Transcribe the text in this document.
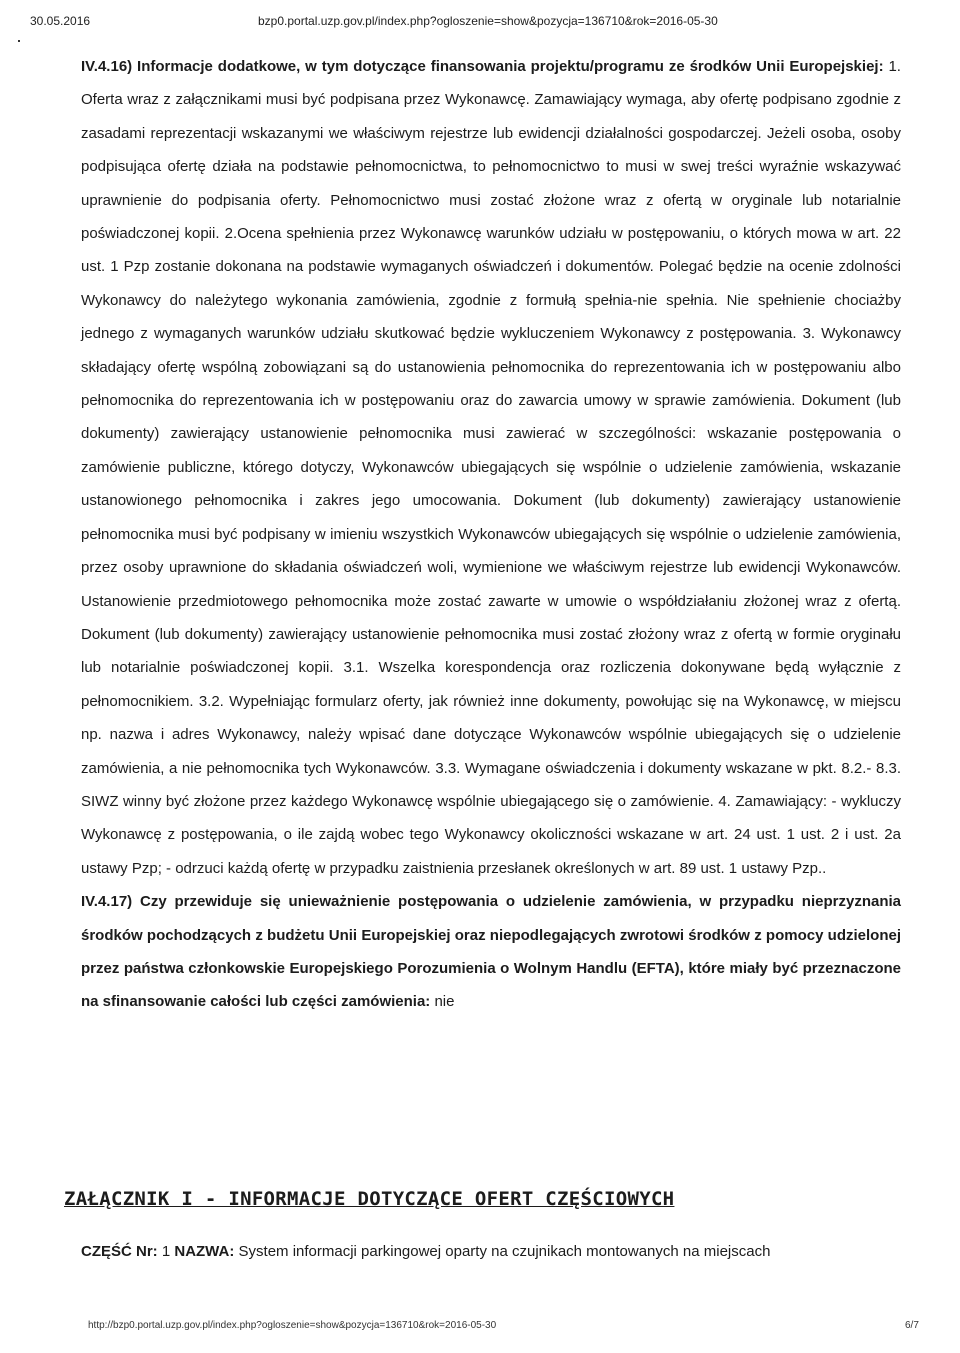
30.05.2016	bzp0.portal.uzp.gov.pl/index.php?ogloszenie=show&pozycja=136710&rok=2016-05-30

IV.4.16) Informacje dodatkowe, w tym dotyczące finansowania projektu/programu ze środków Unii Europejskiej: 1. Oferta wraz z załącznikami musi być podpisana przez Wykonawcę. Zamawiający wymaga, aby ofertę podpisano zgodnie z zasadami reprezentacji wskazanymi we właściwym rejestrze lub ewidencji działalności gospodarczej. Jeżeli osoba, osoby podpisująca ofertę działa na podstawie pełnomocnictwa, to pełnomocnictwo to musi w swej treści wyraźnie wskazywać uprawnienie do podpisania oferty. Pełnomocnictwo musi zostać złożone wraz z ofertą w oryginale lub notarialnie poświadczonej kopii. 2.Ocena spełnienia przez Wykonawcę warunków udziału w postępowaniu, o których mowa w art. 22 ust. 1 Pzp zostanie dokonana na podstawie wymaganych oświadczeń i dokumentów. Polegać będzie na ocenie zdolności Wykonawcy do należytego wykonania zamówienia, zgodnie z formułą spełnia-nie spełnia. Nie spełnienie chociażby jednego z wymaganych warunków udziału skutkować będzie wykluczeniem Wykonawcy z postępowania. 3. Wykonawcy składający ofertę wspólną zobowiązani są do ustanowienia pełnomocnika do reprezentowania ich w postępowaniu albo pełnomocnika do reprezentowania ich w postępowaniu oraz do zawarcia umowy w sprawie zamówienia. Dokument (lub dokumenty) zawierający ustanowienie pełnomocnika musi zawierać w szczególności: wskazanie postępowania o zamówienie publiczne, którego dotyczy, Wykonawców ubiegających się wspólnie o udzielenie zamówienia, wskazanie ustanowionego pełnomocnika i zakres jego umocowania. Dokument (lub dokumenty) zawierający ustanowienie pełnomocnika musi być podpisany w imieniu wszystkich Wykonawców ubiegających się wspólnie o udzielenie zamówienia, przez osoby uprawnione do składania oświadczeń woli, wymienione we właściwym rejestrze lub ewidencji Wykonawców. Ustanowienie przedmiotowego pełnomocnika może zostać zawarte w umowie o współdziałaniu złożonej wraz z ofertą. Dokument (lub dokumenty) zawierający ustanowienie pełnomocnika musi zostać złożony wraz z ofertą w formie oryginału lub notarialnie poświadczonej kopii. 3.1. Wszelka korespondencja oraz rozliczenia dokonywane będą wyłącznie z pełnomocnikiem. 3.2. Wypełniając formularz oferty, jak również inne dokumenty, powołując się na Wykonawcę, w miejscu np. nazwa i adres Wykonawcy, należy wpisać dane dotyczące Wykonawców wspólnie ubiegających się o udzielenie zamówienia, a nie pełnomocnika tych Wykonawców. 3.3. Wymagane oświadczenia i dokumenty wskazane w pkt. 8.2.- 8.3. SIWZ winny być złożone przez każdego Wykonawcę wspólnie ubiegającego się o zamówienie. 4. Zamawiający: - wykluczy Wykonawcę z postępowania, o ile zajdą wobec tego Wykonawcy okoliczności wskazane w art. 24 ust. 1 ust. 2 i ust. 2a ustawy Pzp; - odrzuci każdą ofertę w przypadku zaistnienia przesłanek określonych w art. 89 ust. 1 ustawy Pzp..

IV.4.17) Czy przewiduje się unieważnienie postępowania o udzielenie zamówienia, w przypadku nieprzyznania środków pochodzących z budżetu Unii Europejskiej oraz niepodlegających zwrotowi środków z pomocy udzielonej przez państwa członkowskie Europejskiego Porozumienia o Wolnym Handlu (EFTA), które miały być przeznaczone na sfinansowanie całości lub części zamówienia: nie

ZAŁĄCZNIK I - INFORMACJE DOTYCZĄCE OFERT CZĘŚCIOWYCH
CZĘŚĆ Nr: 1 NAZWA: System informacji parkingowej oparty na czujnikach montowanych na miejscach
http://bzp0.portal.uzp.gov.pl/index.php?ogloszenie=show&pozycja=136710&rok=2016-05-30	6/7
